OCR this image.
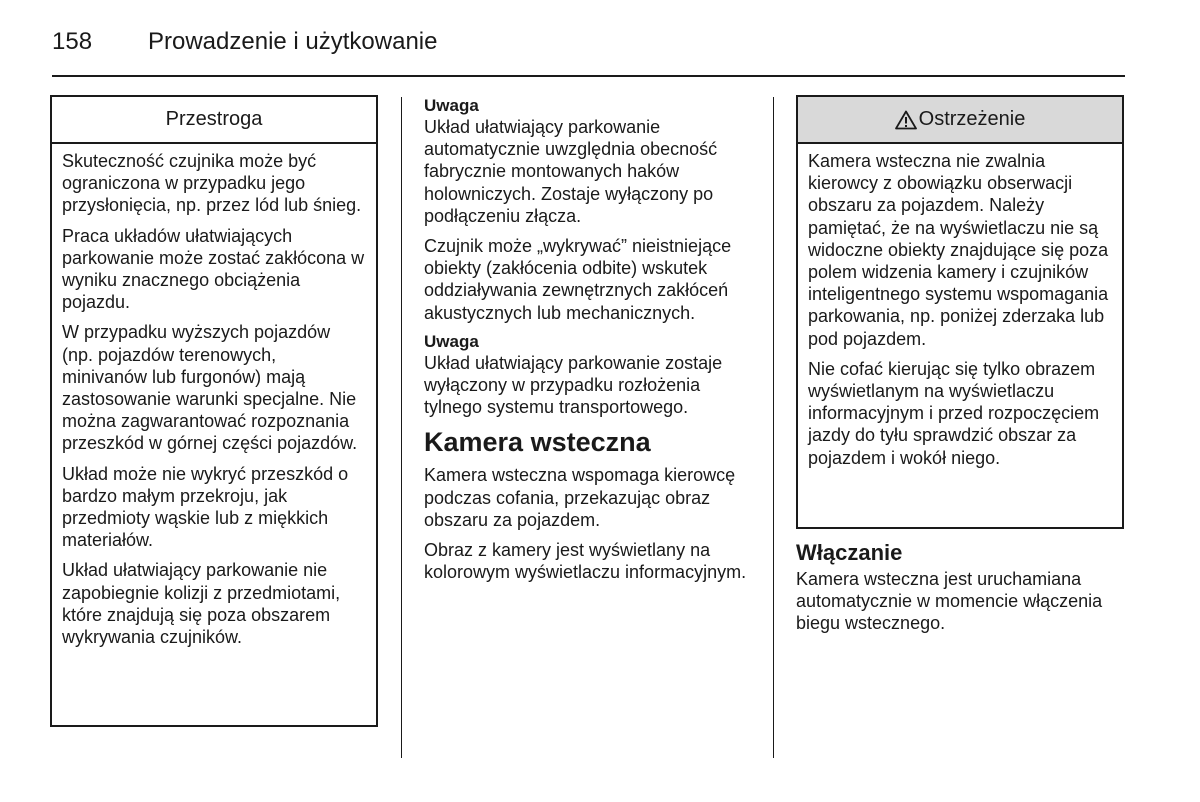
158 Prowadzenie i użytkowanie
Przestroga

Skuteczność czujnika może być ograniczona w przypadku jego przysłonięcia, np. przez lód lub śnieg.

Praca układów ułatwiających parkowanie może zostać zakłócona w wyniku znacznego obciążenia pojazdu.

W przypadku wyższych pojazdów (np. pojazdów terenowych, minivanów lub furgonów) mają zastosowanie warunki specjalne. Nie można zagwarantować rozpoznania przeszkód w górnej części pojazdów.

Układ może nie wykryć przeszkód o bardzo małym przekroju, jak przedmioty wąskie lub z miękkich materiałów.

Układ ułatwiający parkowanie nie zapobiegnie kolizji z przedmiotami, które znajdują się poza obszarem wykrywania czujników.

Uwaga

Układ ułatwiający parkowanie automatycznie uwzględnia obecność fabrycznie montowanych haków holowniczych. Zostaje wyłączony po podłączeniu złącza.

Czujnik może „wykrywać” nieistniejące obiekty (zakłócenia odbite) wskutek oddziaływania zewnętrznych zakłóceń akustycznych lub mechanicznych.

Uwaga

Układ ułatwiający parkowanie zostaje wyłączony w przypadku rozłożenia tylnego systemu transportowego.

Kamera wsteczna

Kamera wsteczna wspomaga kierowcę podczas cofania, przekazując obraz obszaru za pojazdem.

Obraz z kamery jest wyświetlany na kolorowym wyświetlaczu informacyjnym.

Ostrzeżenie

Kamera wsteczna nie zwalnia kierowcy z obowiązku obserwacji obszaru za pojazdem. Należy pamiętać, że na wyświetlaczu nie są widoczne obiekty znajdujące się poza polem widzenia kamery i czujników inteligentnego systemu wspomagania parkowania, np. poniżej zderzaka lub pod pojazdem.

Nie cofać kierując się tylko obrazem wyświetlanym na wyświetlaczu informacyjnym i przed rozpoczęciem jazdy do tyłu sprawdzić obszar za pojazdem i wokół niego.

Włączanie

Kamera wsteczna jest uruchamiana automatycznie w momencie włączenia biegu wstecznego.
